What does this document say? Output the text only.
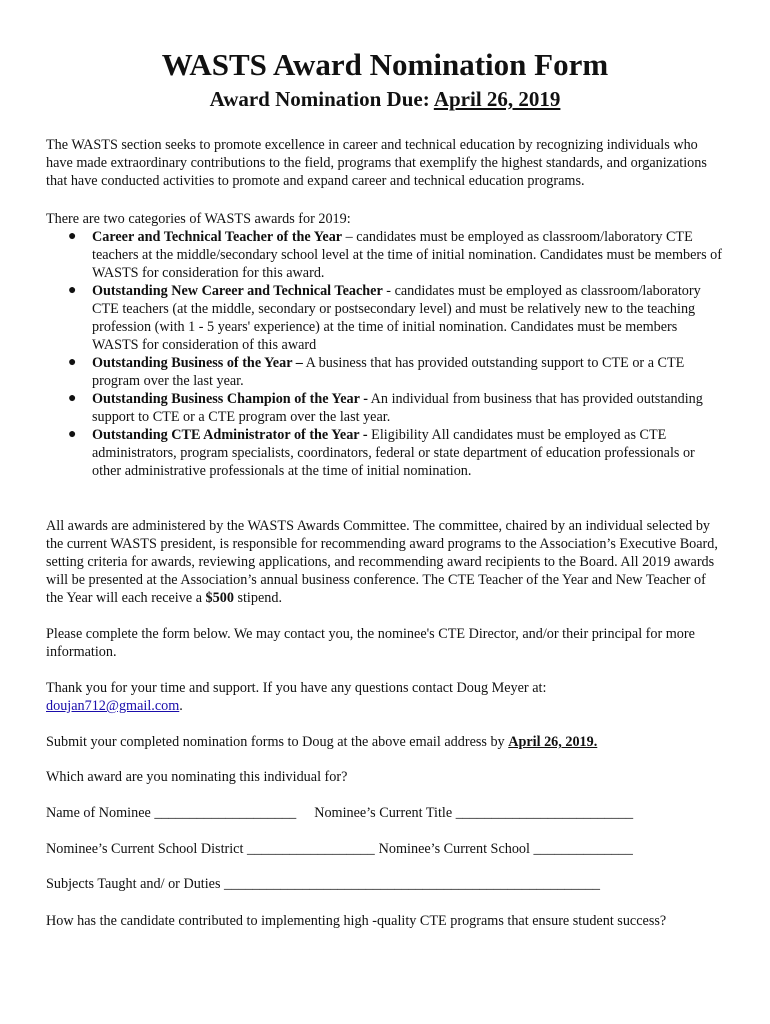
WASTS Award Nomination Form
Award Nomination Due: April 26, 2019

The WASTS section seeks to promote excellence in career and technical education by recognizing individuals who have made extraordinary contributions to the field, programs that exemplify the highest standards, and organizations that have conducted activities to promote and expand career and technical education programs.

There are two categories of WASTS awards for 2019:

● Career and Technical Teacher of the Year – candidates must be employed as classroom/laboratory CTE teachers at the middle/secondary school level at the time of initial nomination. Candidates must be members of WASTS for consideration for this award.
● Outstanding New Career and Technical Teacher - candidates must be employed as classroom/laboratory CTE teachers (at the middle, secondary or postsecondary level) and must be relatively new to the teaching profession (with 1 - 5 years' experience) at the time of initial nomination. Candidates must be members WASTS for consideration of this award
● Outstanding Business of the Year – A business that has provided outstanding support to CTE or a CTE program over the last year.
● Outstanding Business Champion of the Year - An individual from business that has provided outstanding support to CTE or a CTE program over the last year.
● Outstanding CTE Administrator of the Year - Eligibility All candidates must be employed as CTE administrators, program specialists, coordinators, federal or state department of education professionals or other administrative professionals at the time of initial nomination.

All awards are administered by the WASTS Awards Committee. The committee, chaired by an individual selected by the current WASTS president, is responsible for recommending award programs to the Association’s Executive Board, setting criteria for awards, reviewing applications, and recommending award recipients to the Board. All 2019 awards will be presented at the Association’s annual business conference. The CTE Teacher of the Year and New Teacher of the Year will each receive a $500 stipend.

Please complete the form below. We may contact you, the nominee's CTE Director, and/or their principal for more information.

Thank you for your time and support. If you have any questions contact Doug Meyer at:
doujan712@gmail.com.

Submit your completed nomination forms to Doug at the above email address by April 26, 2019.

Which award are you nominating this individual for?

Name of Nominee ____________________ Nominee’s Current Title _________________________
Nominee’s Current School District __________________ Nominee’s Current School ______________
Subjects Taught and/ or Duties _____________________________________________________

How has the candidate contributed to implementing high -quality CTE programs that ensure student success?
